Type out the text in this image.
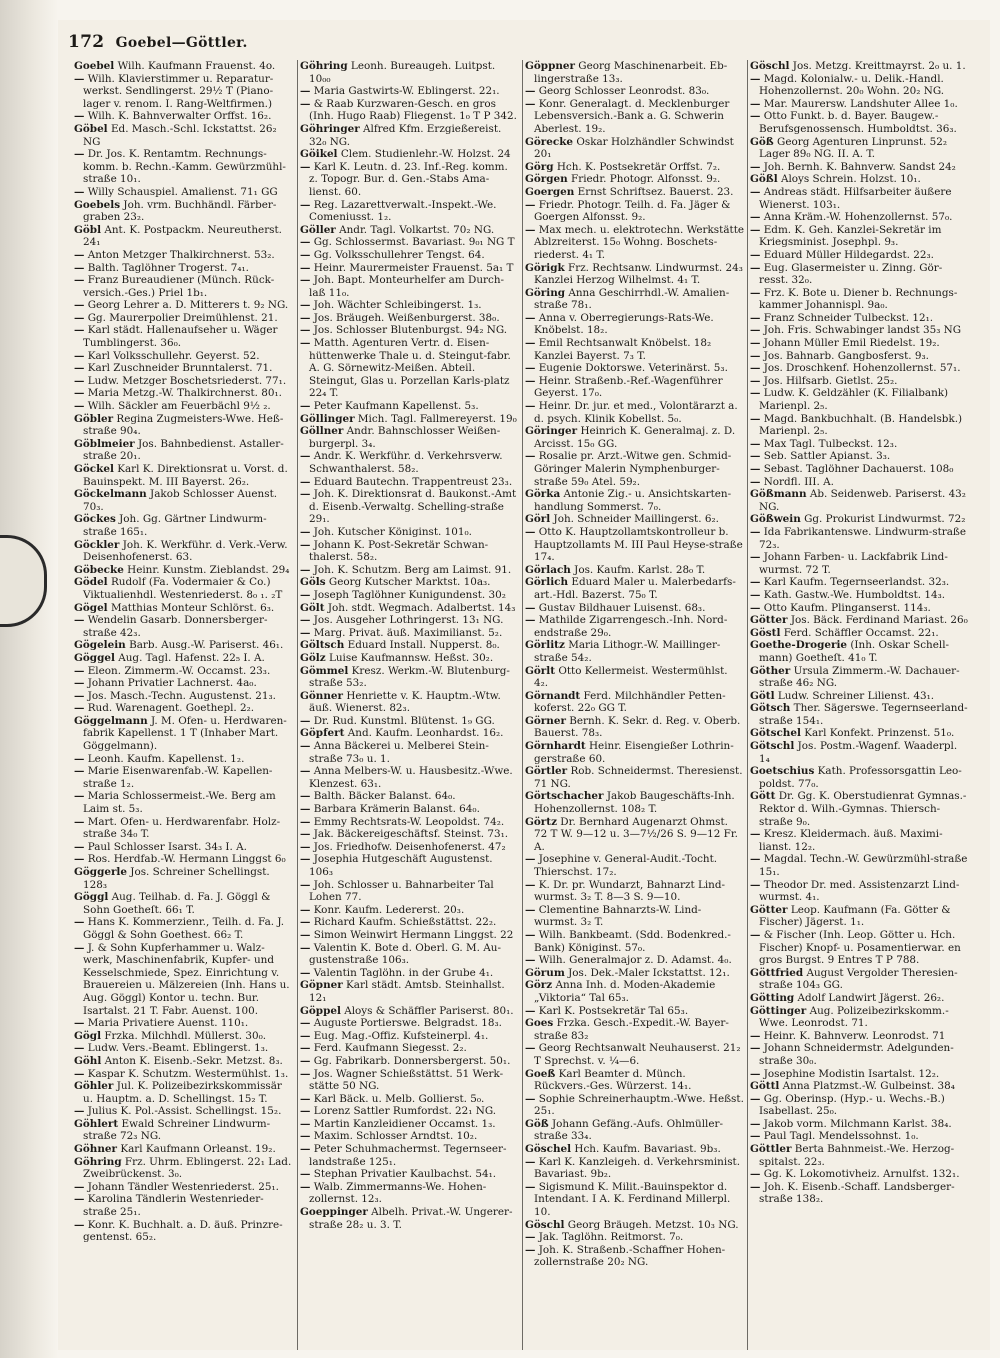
172 Goebel—Göttler.

Goebel Wilh. Kaufmann Frauenst. 4o.

— Wilh. Klavierstimmer u. Reparatur-werkst. Sendlingerst. 29½ T (Piano-lager v. renom. I. Rang-Weltfirmen.)

— Wilh. K. Bahnverwalter Orffst. 16₂.

Göbel Ed. Masch.-Schl. Ickstattst. 26₂ NG

— Dr. Jos. K. Rentamtm. Rechnungs-komm. b. Rechn.-Kamm. Gewürzmühl-straße 10₁.

— Willy Schauspiel. Amalienst. 71₁ GG

Goebels Joh. vrm. Buchhändl. Färber-graben 23₂.

Göbl Ant. K. Postpackm. Neureutherst. 24₁

— Anton Metzger Thalkirchnerst. 53₂.

— Balth. Taglöhner Trogerst. 7₄₁.

— Franz Bureaudiener (Münch. Rück-versich.-Ges.) Priel 1b₁.

— Georg Lehrer a. D. Mitterers t. 9₂ NG.

— Gg. Maurerpolier Dreimühlenst. 21.

— Karl städt. Hallenaufseher u. Wäger Tumblingerst. 36₀.

— Karl Volksschullehr. Geyerst. 52.

— Karl Zuschneider Brunntalerst. 71.

— Ludw. Metzger Boschetsriederst. 77₁.

— Maria Metzg.-W. Thalkirchnerst. 80₁.

— Wilh. Säckler am Feuerbächl 9½ ₂.

Göbler Regina Zugmeisters-Wwe. Heß-straße 90₄.

Göblmeier Jos. Bahnbedienst. Astaller-straße 20₁.

Göckel Karl K. Direktionsrat u. Vorst. d. Bauinspekt. M. III Bayerst. 26₂.

Göckelmann Jakob Schlosser Auenst. 70₃.

Göckes Joh. Gg. Gärtner Lindwurm-straße 165₁.

Göckler Joh. K. Werkführ. d. Verk.-Verw. Deisenhofenerst. 63.

Göbecke Heinr. Kunstm. Zieblandst. 29₄

Gödel Rudolf (Fa. Vodermaier & Co.) Viktualienhdl. Westenriederst. 8₀ ₁. ₂T

Gögel Matthias Monteur Schlörst. 6₃.

— Wendelin Gasarb. Donnersberger-straße 42₃.

Gögelein Barb. Ausg.-W. Pariserst. 46₁.

Göggel Aug. Tagl. Hafenst. 22₅ I. A.

— Eleon. Zimmerm.-W. Occamst. 23₃.

— Johann Privatier Lachnerst. 4a₀.

— Jos. Masch.-Techn. Augustenst. 21₃.

— Rud. Warenagent. Goethepl. 2₂.

Göggelmann J. M. Ofen- u. Herdwaren-fabrik Kapellenst. 1 T (Inhaber Mart. Göggelmann).

— Leonh. Kaufm. Kapellenst. 1₂.

— Marie Eisenwarenfab.-W. Kapellen-straße 1₂.

— Maria Schlossermeist.-We. Berg am Laim st. 5₃.

— Mart. Ofen- u. Herdwarenfabr. Holz-straße 34₀ T.

— Paul Schlosser Isarst. 34₃ I. A.

— Ros. Herdfab.-W. Hermann Linggst 6₀

Göggerle Jos. Schreiner Schellingst. 128₃

Göggl Aug. Teilhab. d. Fa. J. Göggl & Sohn Goetheſt. 66₁ T.

— Hans K. Kommerzienr., Teilh. d. Fa. J. Göggl & Sohn Goethest. 66₂ T.

— J. & Sohn Kupferhammer u. Walz-werk, Maschinenfabrik, Kupfer- und Kesselschmiede, Spez. Einrichtung v. Brauereien u. Mälzereien (Inh. Hans u. Aug. Göggl) Kontor u. techn. Bur. Isartalst. 21 T. Fabr. Auenst. 100.

— Maria Privatiere Auenst. 110₁.

Gögl Frzka. Milchhdl. Müllerst. 30₀.

— Ludw. Vers.-Beamt. Eblingerst. 1₃.

Göhl Anton K. Eisenb.-Sekr. Metzst. 8₃.

— Kaspar K. Schutzm. Westermühlst. 1₃.

Göhler Jul. K. Polizeibezirkskommissär u. Hauptm. a. D. Schellingst. 15₂ T.

— Julius K. Pol.-Assist. Schellingst. 15₂.

Göhlert Ewald Schreiner Lindwurm-straße 72₃ NG.

Göhner Karl Kaufmann Orleanst. 19₂.

Göhring Frz. Uhrm. Eblingerst. 22₁ Lad. Zweibrückenst. 3₀.

— Johann Tändler Westenriederst. 25₁.

— Karolina Tändlerin Westenrieder-straße 25₁.

— Konr. K. Buchhalt. a. D. äuß. Prinzre-gentenst. 65₂.

Göhring Leonh. Bureaugeh. Luitpst. 10₀₀

— Maria Gastwirts-W. Eblingerst. 22₁.

— & Raab Kurzwaren-Gesch. en gros (Inh. Hugo Raab) Fliegenst. 1₀ T P 342.

Göhringer Alfred Kfm. Erzgießereist. 32₀ NG.

Göikel Clem. Studienlehr.-W. Holzst. 24

— Karl K. Leutn. d. 23. Inf.-Reg. komm. z. Topogr. Bur. d. Gen.-Stabs Ama-lienst. 60.

— Reg. Lazarettverwalt.-Inspekt.-We. Comeniusst. 1₂.

Göller Andr. Tagl. Volkartst. 70₂ NG.

— Gg. Schlossermst. Bavariast. 9₀₁ NG T

— Gg. Volksschullehrer Tengst. 64.

— Heinr. Maurermeister Frauenst. 5a₁ T

— Joh. Bapt. Monteurhelfer am Durch-laß 11₀.

— Joh. Wächter Schleibingerst. 1₃.

— Jos. Bräugeh. Weißenburgerst. 38₀.

— Jos. Schlosser Blutenburgst. 94₂ NG.

— Matth. Agenturen Vertr. d. Eisen-hüttenwerke Thale u. d. Steingut-fabr. A. G. Sörnewitz-Meißen. Abteil. Steingut, Glas u. Porzellan Karls-platz 22₄ T.

— Peter Kaufmann Kapellenst. 5₃.

Göllinger Mich. Tagl. Fallmereyerst. 19₀

Göllner Andr. Bahnschlosser Weißen-burgerpl. 3₄.

— Andr. K. Werkführ. d. Verkehrsverw. Schwanthalerst. 58₂.

— Eduard Bautechn. Trappentreust 23₃.

— Joh. K. Direktionsrat d. Baukonst.-Amt d. Eisenb.-Verwaltg. Schelling-straße 29₁.

— Joh. Kutscher Königinst. 101₀.

— Johann K. Post-Sekretär Schwan-thalerst. 58₂.

— Joh. K. Schutzm. Berg am Laimst. 91.

Göls Georg Kutscher Marktst. 10a₃.

— Joseph Taglöhner Kunigundenst. 30₂

Gölt Joh. stdt. Wegmach. Adalbertst. 14₃

— Jos. Ausgeher Lothringerst. 13₁ NG.

— Marg. Privat. äuß. Maximilianst. 5₂.

Göltsch Eduard Install. Nupperst. 8₀.

Gölz Luise Kaufmannsw. Heßst. 30₂.

Gömmel Kresz. Werkm.-W. Blutenburg-straße 53₂.

Gönner Henriette v. K. Hauptm.-Wtw. äuß. Wienerst. 82₃.

— Dr. Rud. Kunstml. Blütenst. 1₉ GG.

Göpfert And. Kaufm. Leonhardst. 16₂.

— Anna Bäckerei u. Melberei Stein-straße 73₀ u. 1.

— Anna Melbers-W. u. Hausbesitz.-Wwe. Klenzest. 63₁.

— Balth. Bäcker Balanst. 64₀.

— Barbara Krämerin Balanst. 64₀.

— Emmy Rechtsrats-W. Leopoldst. 74₂.

— Jak. Bäckereigeschäftsf. Steinst. 73₁.

— Jos. Friedhofw. Deisenhofenerst. 47₂

— Josephia Hutgeschäft Augustenst. 106₃

— Joh. Schlosser u. Bahnarbeiter Tal Lohen 77.

— Konr. Kaufm. Ledererst. 20₃.

— Richard Kaufm. Schießstättst. 22₂.

— Simon Weinwirt Hermann Linggst. 22

— Valentin K. Bote d. Oberl. G. M. Au-gustenstraße 106₃.

— Valentin Taglöhn. in der Grube 4₁.

Göpner Karl städt. Amtsb. Steinhallst. 12₁

Göppel Aloys & Schäffler Pariserst. 80₁.

— Auguste Portierswe. Belgradst. 18₃.

— Eug. Mag.-Offiz. Kufsteinerpl. 4₁.

— Ferd. Kaufmann Siegesst. 2₂.

— Gg. Fabrikarb. Donnersbergerst. 50₁.

— Jos. Wagner Schießstättst. 51 Werk-stätte 50 NG.

— Karl Bäck. u. Melb. Gollierst. 5₀.

— Lorenz Sattler Rumfordst. 22₁ NG.

— Martin Kanzleidiener Occamst. 1₃.

— Maxim. Schlosser Arndtst. 10₂.

— Peter Schuhmachermst. Tegernseer-landstraße 125₁.

— Stephan Privatier Kaulbachst. 54₁.

— Walb. Zimmermanns-We. Hohen-zollernst. 12₃.

Goeppinger Albelh. Privat.-W. Ungerer-straße 28₂ u. 3. T.

Göppner Georg Maschinenarbeit. Eb-lingerstraße 13₃.

— Georg Schlosser Leonrodst. 83₀.

— Konr. Generalagt. d. Mecklenburger Lebensversich.-Bank a. G. Schwerin Aberlest. 19₂.

Görecke Oskar Holzhändler Schwindst 20₁

Görg Hch. K. Postsekretär Orffst. 7₂.

Görgen Friedr. Photogr. Alfonsst. 9₂.

Goergen Ernst Schriftsez. Bauerst. 23.

— Friedr. Photogr. Teilh. d. Fa. Jäger & Goergen Alfonsst. 9₂.

— Max mech. u. elektrotechn. Werkstätte Ablzreiterst. 15₀ Wohng. Boschets-riederst. 4₁ T.

Görigk Frz. Rechtsanw. Lindwurmst. 24₃ Kanzlei Herzog Wilhelmst. 4₁ T.

Göring Anna Geschirrhdl.-W. Amalien-straße 78₁.

— Anna v. Oberregierungs-Rats-We. Knöbelst. 18₂.

— Emil Rechtsanwalt Knöbelst. 18₂ Kanzlei Bayerst. 7₃ T.

— Eugenie Doktorswe. Veterinärst. 5₃.

— Heinr. Straßenb.-Ref.-Wagenführer Geyerst. 17₀.

— Heinr. Dr. jur. et med., Volontärarzt a. d. psych. Klinik Kobellst. 5₀.

Göringer Heinrich K. Generalmaj. z. D. Arcisst. 15₀ GG.

— Rosalie pr. Arzt.-Witwe gen. Schmid-Göringer Malerin Nymphenburger-straße 59₀ Atel. 59₂.

Görka Antonie Zig.- u. Ansichtskarten-handlung Sommerst. 7₀.

Görl Joh. Schneider Maillingerst. 6₂.

— Otto K. Hauptzollamtskontrolleur b. Hauptzollamts M. III Paul Heyse-straße 17₄.

Görlach Jos. Kaufm. Karlst. 28₀ T.

Görlich Eduard Maler u. Malerbedarfs-art.-Hdl. Bazerst. 75₀ T.

— Gustav Bildhauer Luisenst. 68₃.

— Mathilde Zigarrengesch.-Inh. Nord-endstraße 29₀.

Görlitz Maria Lithogr.-W. Maillinger-straße 54₂.

Görlt Otto Kellermeist. Westermühlst. 4₂.

Görnandt Ferd. Milchhändler Petten-koferst. 22₀ GG T.

Görner Bernh. K. Sekr. d. Reg. v. Oberb. Bauerst. 78₃.

Görnhardt Heinr. Eisengießer Lothrin-gerstraße 60.

Görtler Rob. Schneidermst. Theresienst. 71 NG.

Görtschacher Jakob Baugeschäfts-Inh. Hohenzollernst. 108₂ T.

Görtz Dr. Bernhard Augenarzt Ohmst. 72 T W. 9—12 u. 3—7½/26 S. 9—12 Fr. A.

— Josephine v. General-Audit.-Tocht. Thierschst. 17₂.

— K. Dr. pr. Wundarzt, Bahnarzt Lind-wurmst. 3₂ T. 8—3 S. 9—10.

— Clementine Bahnarzts-W. Lind-wurmst. 3₂ T.

— Wilh. Bankbeamt. (Sdd. Bodenkred.-Bank) Königinst. 57₀.

— Wilh. Generalmajor z. D. Adamst. 4₀.

Görum Jos. Dek.-Maler Ickstattst. 12₁.

Görz Anna Inh. d. Moden-Akademie „Viktoria“ Tal 65₃.

— Karl K. Postsekretär Tal 65₃.

Goes Frzka. Gesch.-Expedit.-W. Bayer-straße 83₂

— Georg Rechtsanwalt Neuhauserst. 21₂ T Sprechst. v. ¼—6.

Goeß Karl Beamter d. Münch. Rückvers.-Ges. Würzerst. 14₁.

— Sophie Schreinerhauptm.-Wwe. Heßst. 25₁.

Göß Johann Gefäng.-Aufs. Ohlmüller-straße 33₄.

Göschel Hch. Kaufm. Bavariast. 9b₃.

— Karl K. Kanzleigeh. d. Verkehrsminist. Bavariast. 9b₂.

— Sigismund K. Milit.-Bauinspektor d. Intendant. I A. K. Ferdinand Millerpl. 10.

Göschl Georg Bräugeh. Metzst. 10₃ NG.

— Jak. Taglöhn. Reitmorst. 7₀.

— Joh. K. Straßenb.-Schaffner Hohen-zollernstraße 20₂ NG.

Göschl Jos. Metzg. Kreittmayrst. 2₀ u. 1.

— Magd. Kolonialw.- u. Delik.-Handl. Hohenzollernst. 20₀ Wohn. 20₂ NG.

— Mar. Maurersw. Landshuter Allee 1₀.

— Otto Funkt. b. d. Bayer. Baugew.-Berufsgenossensch. Humboldtst. 36₃.

Göß Georg Agenturen Linprunst. 52₂ Lager 89₀ NG. II. A. T.

— Joh. Bernh. K. Bahnverw. Sandst 24₂

Gößl Aloys Schrein. Holzst. 10₁.

— Andreas städt. Hilfsarbeiter äußere Wienerst. 103₁.

— Anna Kräm.-W. Hohenzollernst. 57₀.

— Edm. K. Geh. Kanzlei-Sekretär im Kriegsminist. Josephpl. 9₃.

— Eduard Müller Hildegardst. 22₃.

— Eug. Glasermeister u. Zinng. Gör-resst. 32₀.

— Frz. K. Bote u. Diener b. Rechnungs-kammer Johannispl. 9a₀.

— Franz Schneider Tulbeckst. 12₁.

— Joh. Fris. Schwabinger landst 35₃ NG

— Johann Müller Emil Riedelst. 19₂.

— Jos. Bahnarb. Gangbosferst. 9₃.

— Jos. Droschkenf. Hohenzollernst. 57₁.

— Jos. Hilfsarb. Gietlst. 25₂.

— Ludw. K. Geldzähler (K. Filialbank) Marienpl. 2₅.

— Magd. Bankbuchhalt. (B. Handelsbk.) Marienpl. 2₅.

— Max Tagl. Tulbeckst. 12₃.

— Seb. Sattler Apianst. 3₃.

— Sebast. Taglöhner Dachauerst. 108₀

— Nordfl. III. A.

Gößmann Ab. Seidenweb. Pariserst. 43₂ NG.

Gößwein Gg. Prokurist Lindwurmst. 72₂

— Ida Fabrikantenswe. Lindwurm-straße 72₃.

— Johann Farben- u. Lackfabrik Lind-wurmst. 72 T.

— Karl Kaufm. Tegernseerlandst. 32₃.

— Kath. Gastw.-We. Humboldtst. 14₃.

— Otto Kaufm. Plinganserst. 114₃.

Götter Jos. Bäck. Ferdinand Mariast. 26₀

Göstl Ferd. Schäffler Occamst. 22₁.

Goethe-Drogerie (Inh. Oskar Schell-mann) Goetheſt. 41₀ T.

Göther Ursula Zimmerm.-W. Dachauer-straße 46₂ NG.

Götl Ludw. Schreiner Lilienst. 43₁.

Götsch Ther. Sägerswe. Tegernseerland-straße 154₁.

Götschel Karl Konfekt. Prinzenst. 51₀.

Götschl Jos. Postm.-Wagenf. Waaderpl. 1₄

Goetschius Kath. Professorsgattin Leo-poldst. 77₀.

Gött Dr. Gg. K. Oberstudienrat Gymnas.-Rektor d. Wilh.-Gymnas. Thiersch-straße 9₀.

— Kresz. Kleidermach. äuß. Maximi-lianst. 12₂.

— Magdal. Techn.-W. Gewürzmühl-straße 15₁.

— Theodor Dr. med. Assistenzarzt Lind-wurmst. 4₁.

Götter Leop. Kaufmann (Fa. Götter & Fischer) Jägerst. 1₁.

— & Fischer (Inh. Leop. Götter u. Hch. Fischer) Knopf- u. Posamentierwar. en gros Burgst. 9 Entres T P 788.

Göttfried August Vergolder Theresien-straße 104₃ GG.

Götting Adolf Landwirt Jägerst. 26₂.

Göttinger Aug. Polizeibezirkskomm.-Wwe. Leonrodst. 71.

— Heinr. K. Bahnverw. Leonrodst. 71

— Johann Schneidermstr. Adelgunden-straße 30₀.

— Josephine Modistin Isartalst. 12₂.

Göttl Anna Platzmst.-W. Gulbeinst. 38₄

— Gg. Oberinsp. (Hyp.- u. Wechs.-B.) Isabellast. 25₀.

— Jakob vorm. Milchmann Karlst. 38₄.

— Paul Tagl. Mendelssohnst. 1₀.

Göttler Berta Bahnmeist.-We. Herzog-spitalst. 22₃.

— Gg. K. Lokomotivheiz. Arnulfst. 132₁.

— Joh. K. Eisenb.-Schaff. Landsberger-straße 138₂.
